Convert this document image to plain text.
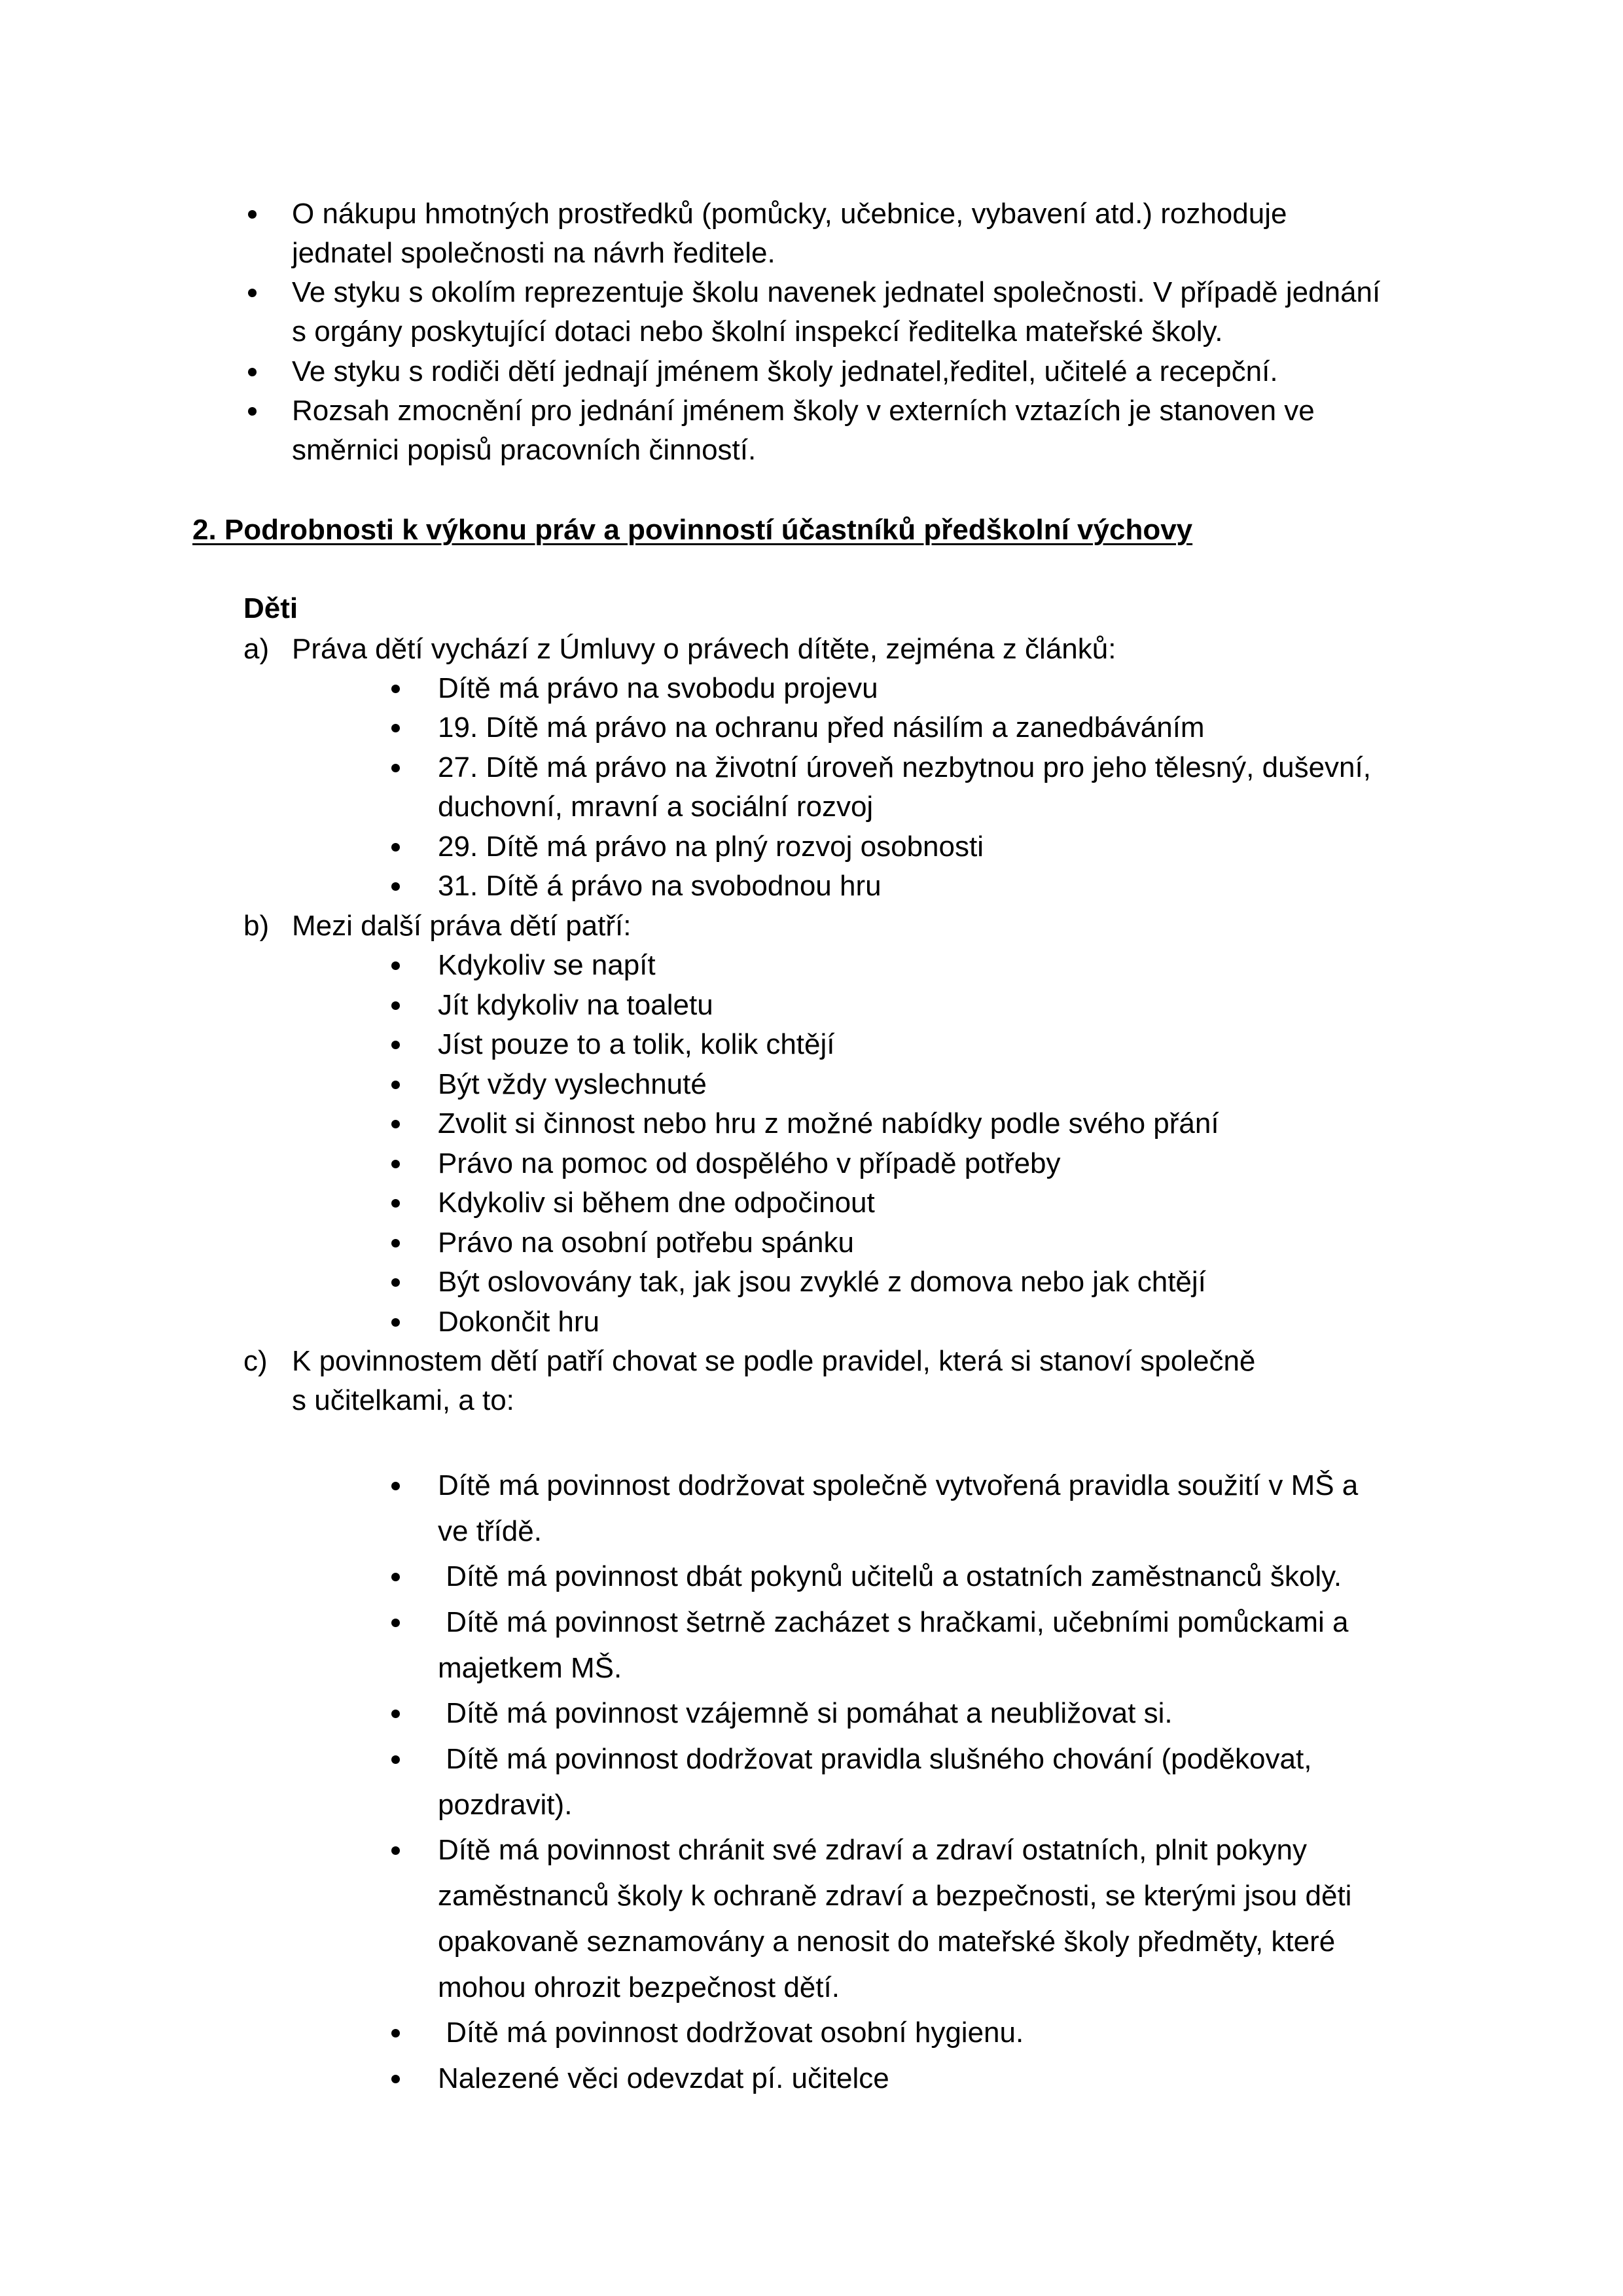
O nákupu hmotných prostředků (pomůcky, učebnice, vybavení atd.) rozhoduje
jednatel společnosti na návrh ředitele.
Ve styku s okolím reprezentuje školu navenek jednatel společnosti. V případě jednání
s orgány poskytující dotaci nebo školní inspekcí ředitelka mateřské školy.
Ve styku s rodiči dětí jednají jménem školy jednatel,ředitel, učitelé a recepční.
Rozsah zmocnění pro jednání jménem školy v externích vztazích je stanoven ve
směrnici popisů pracovních činností.
2. Podrobnosti k výkonu práv a povinností účastníků předškolní výchovy
Děti
a) Práva dětí vychází z Úmluvy o právech dítěte, zejména z článků:
Dítě má právo na svobodu projevu
19. Dítě má právo na ochranu před násilím a zanedbáváním
27. Dítě má právo na životní úroveň nezbytnou pro jeho tělesný, duševní,
duchovní, mravní a sociální rozvoj
29. Dítě má právo na plný rozvoj osobnosti
31. Dítě á právo na svobodnou hru
b) Mezi další práva dětí patří:
Kdykoliv se napít
Jít kdykoliv na toaletu
Jíst pouze to a tolik, kolik chtějí
Být vždy vyslechnuté
Zvolit si činnost nebo hru z možné nabídky podle svého přání
Právo na pomoc od dospělého v případě potřeby
Kdykoliv si během dne odpočinout
Právo na osobní potřebu spánku
Být oslovovány tak, jak jsou zvyklé z domova nebo jak chtějí
Dokončit hru
c) K povinnostem dětí patří chovat se podle pravidel, která si stanoví společně
s učitelkami, a to:
Dítě má povinnost dodržovat společně vytvořená pravidla soužití v MŠ a
ve třídě.
Dítě má povinnost dbát pokynů učitelů a ostatních zaměstnanců školy.
Dítě má povinnost šetrně zacházet s hračkami, učebními pomůckami a
majetkem MŠ.
Dítě má povinnost vzájemně si pomáhat a neubližovat si.
Dítě má povinnost dodržovat pravidla slušného chování (poděkovat,
pozdravit).
Dítě má povinnost chránit své zdraví a zdraví ostatních, plnit pokyny
zaměstnanců školy k ochraně zdraví a bezpečnosti, se kterými jsou děti
opakovaně seznamovány a nenosit do mateřské školy předměty, které
mohou ohrozit bezpečnost dětí.
Dítě má povinnost dodržovat osobní hygienu.
Nalezené věci odevzdat pí. učitelce
